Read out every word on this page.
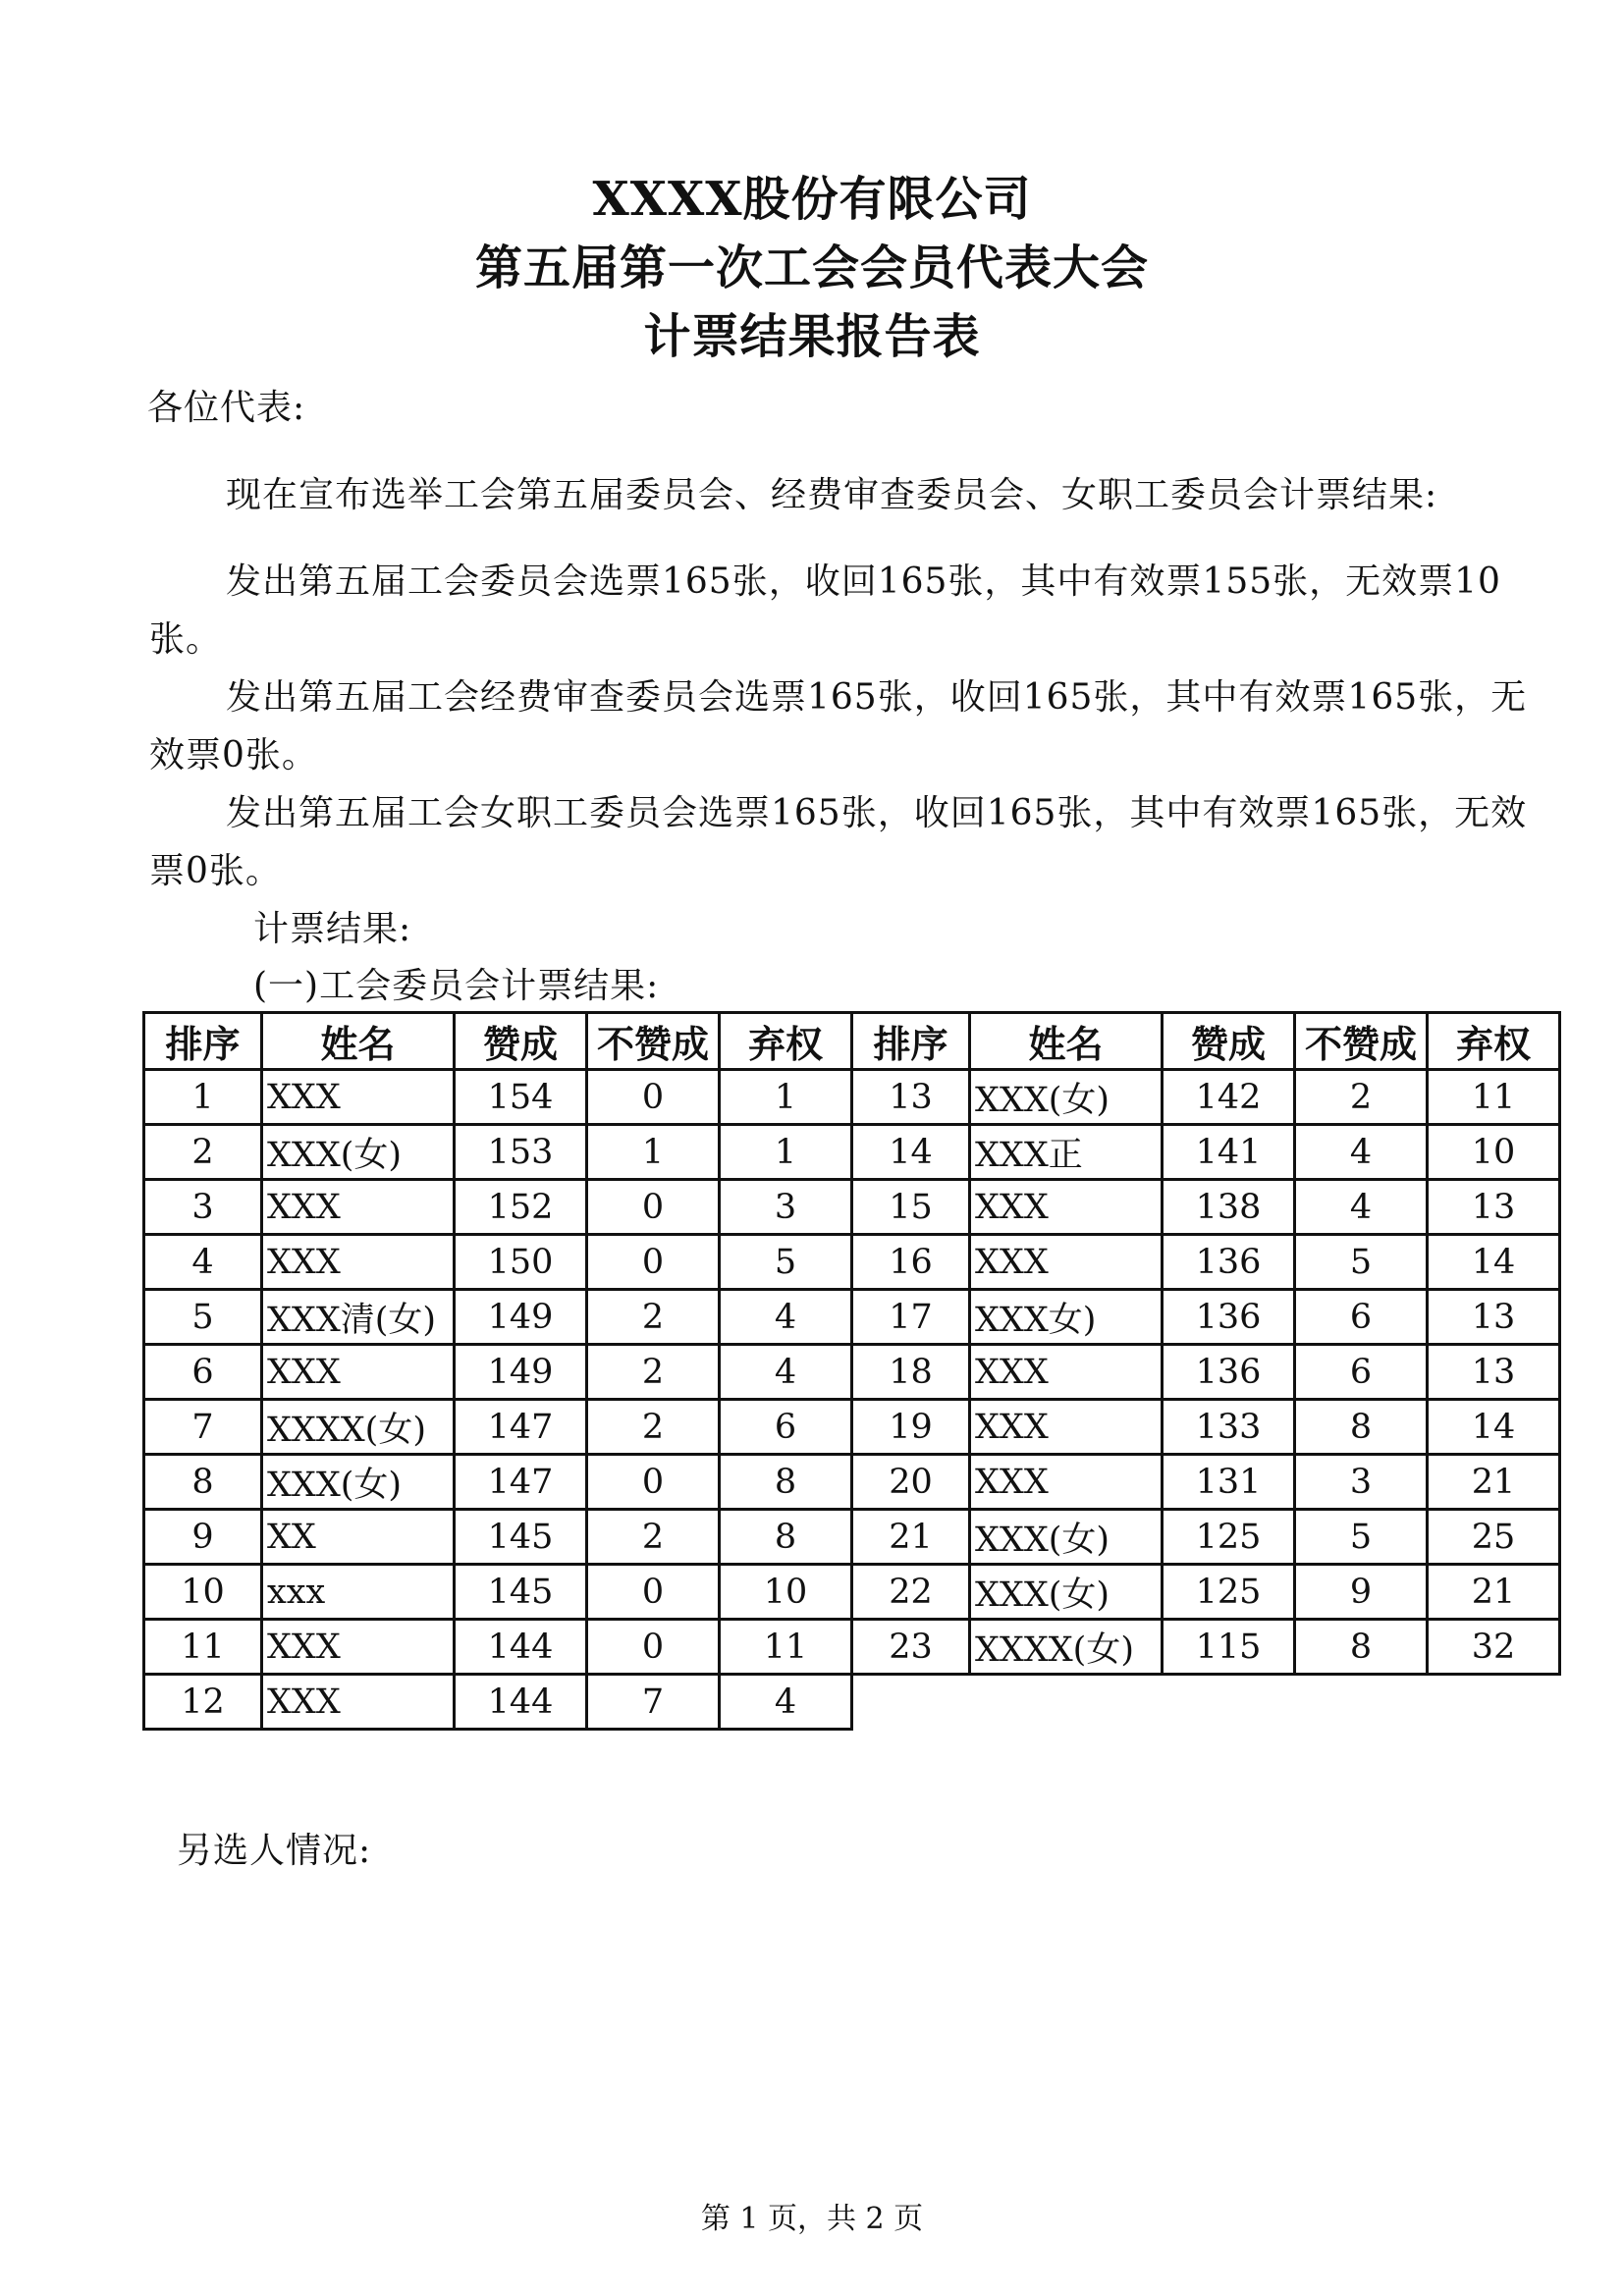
XXXX股份有限公司
第五届第一次工会会员代表大会
计票结果报告表
各位代表:
现在宣布选举工会第五届委员会、经费审查委员会、女职工委员会计票结果:
发出第五届工会委员会选票165张，收回165张，其中有效票155张，无效票10张。
发出第五届工会经费审查委员会选票165张，收回165张，其中有效票165张，无效票0张。
发出第五届工会女职工委员会选票165张，收回165张，其中有效票165张，无效票0张。
计票结果:
(一)工会委员会计票结果:
排序	姓名	赞成	不赞成	弃权	排序	姓名	赞成	不赞成	弃权
1	XXX	154	0	1	13	XXX(女)	142	2	11
2	XXX(女)	153	1	1	14	XXX正	141	4	10
3	XXX	152	0	3	15	XXX	138	4	13
4	XXX	150	0	5	16	XXX	136	5	14
5	XXX清(女)	149	2	4	17	XXX女)	136	6	13
6	XXX	149	2	4	18	XXX	136	6	13
7	XXXX(女)	147	2	6	19	XXX	133	8	14
8	XXX(女)	147	0	8	20	XXX	131	3	21
9	XX	145	2	8	21	XXX(女)	125	5	25
10	xxx	145	0	10	22	XXX(女)	125	9	21
11	XXX	144	0	11	23	XXXX(女)	115	8	32
12	XXX	144	7	4					
另选人情况:
第 1 页，共 2 页
